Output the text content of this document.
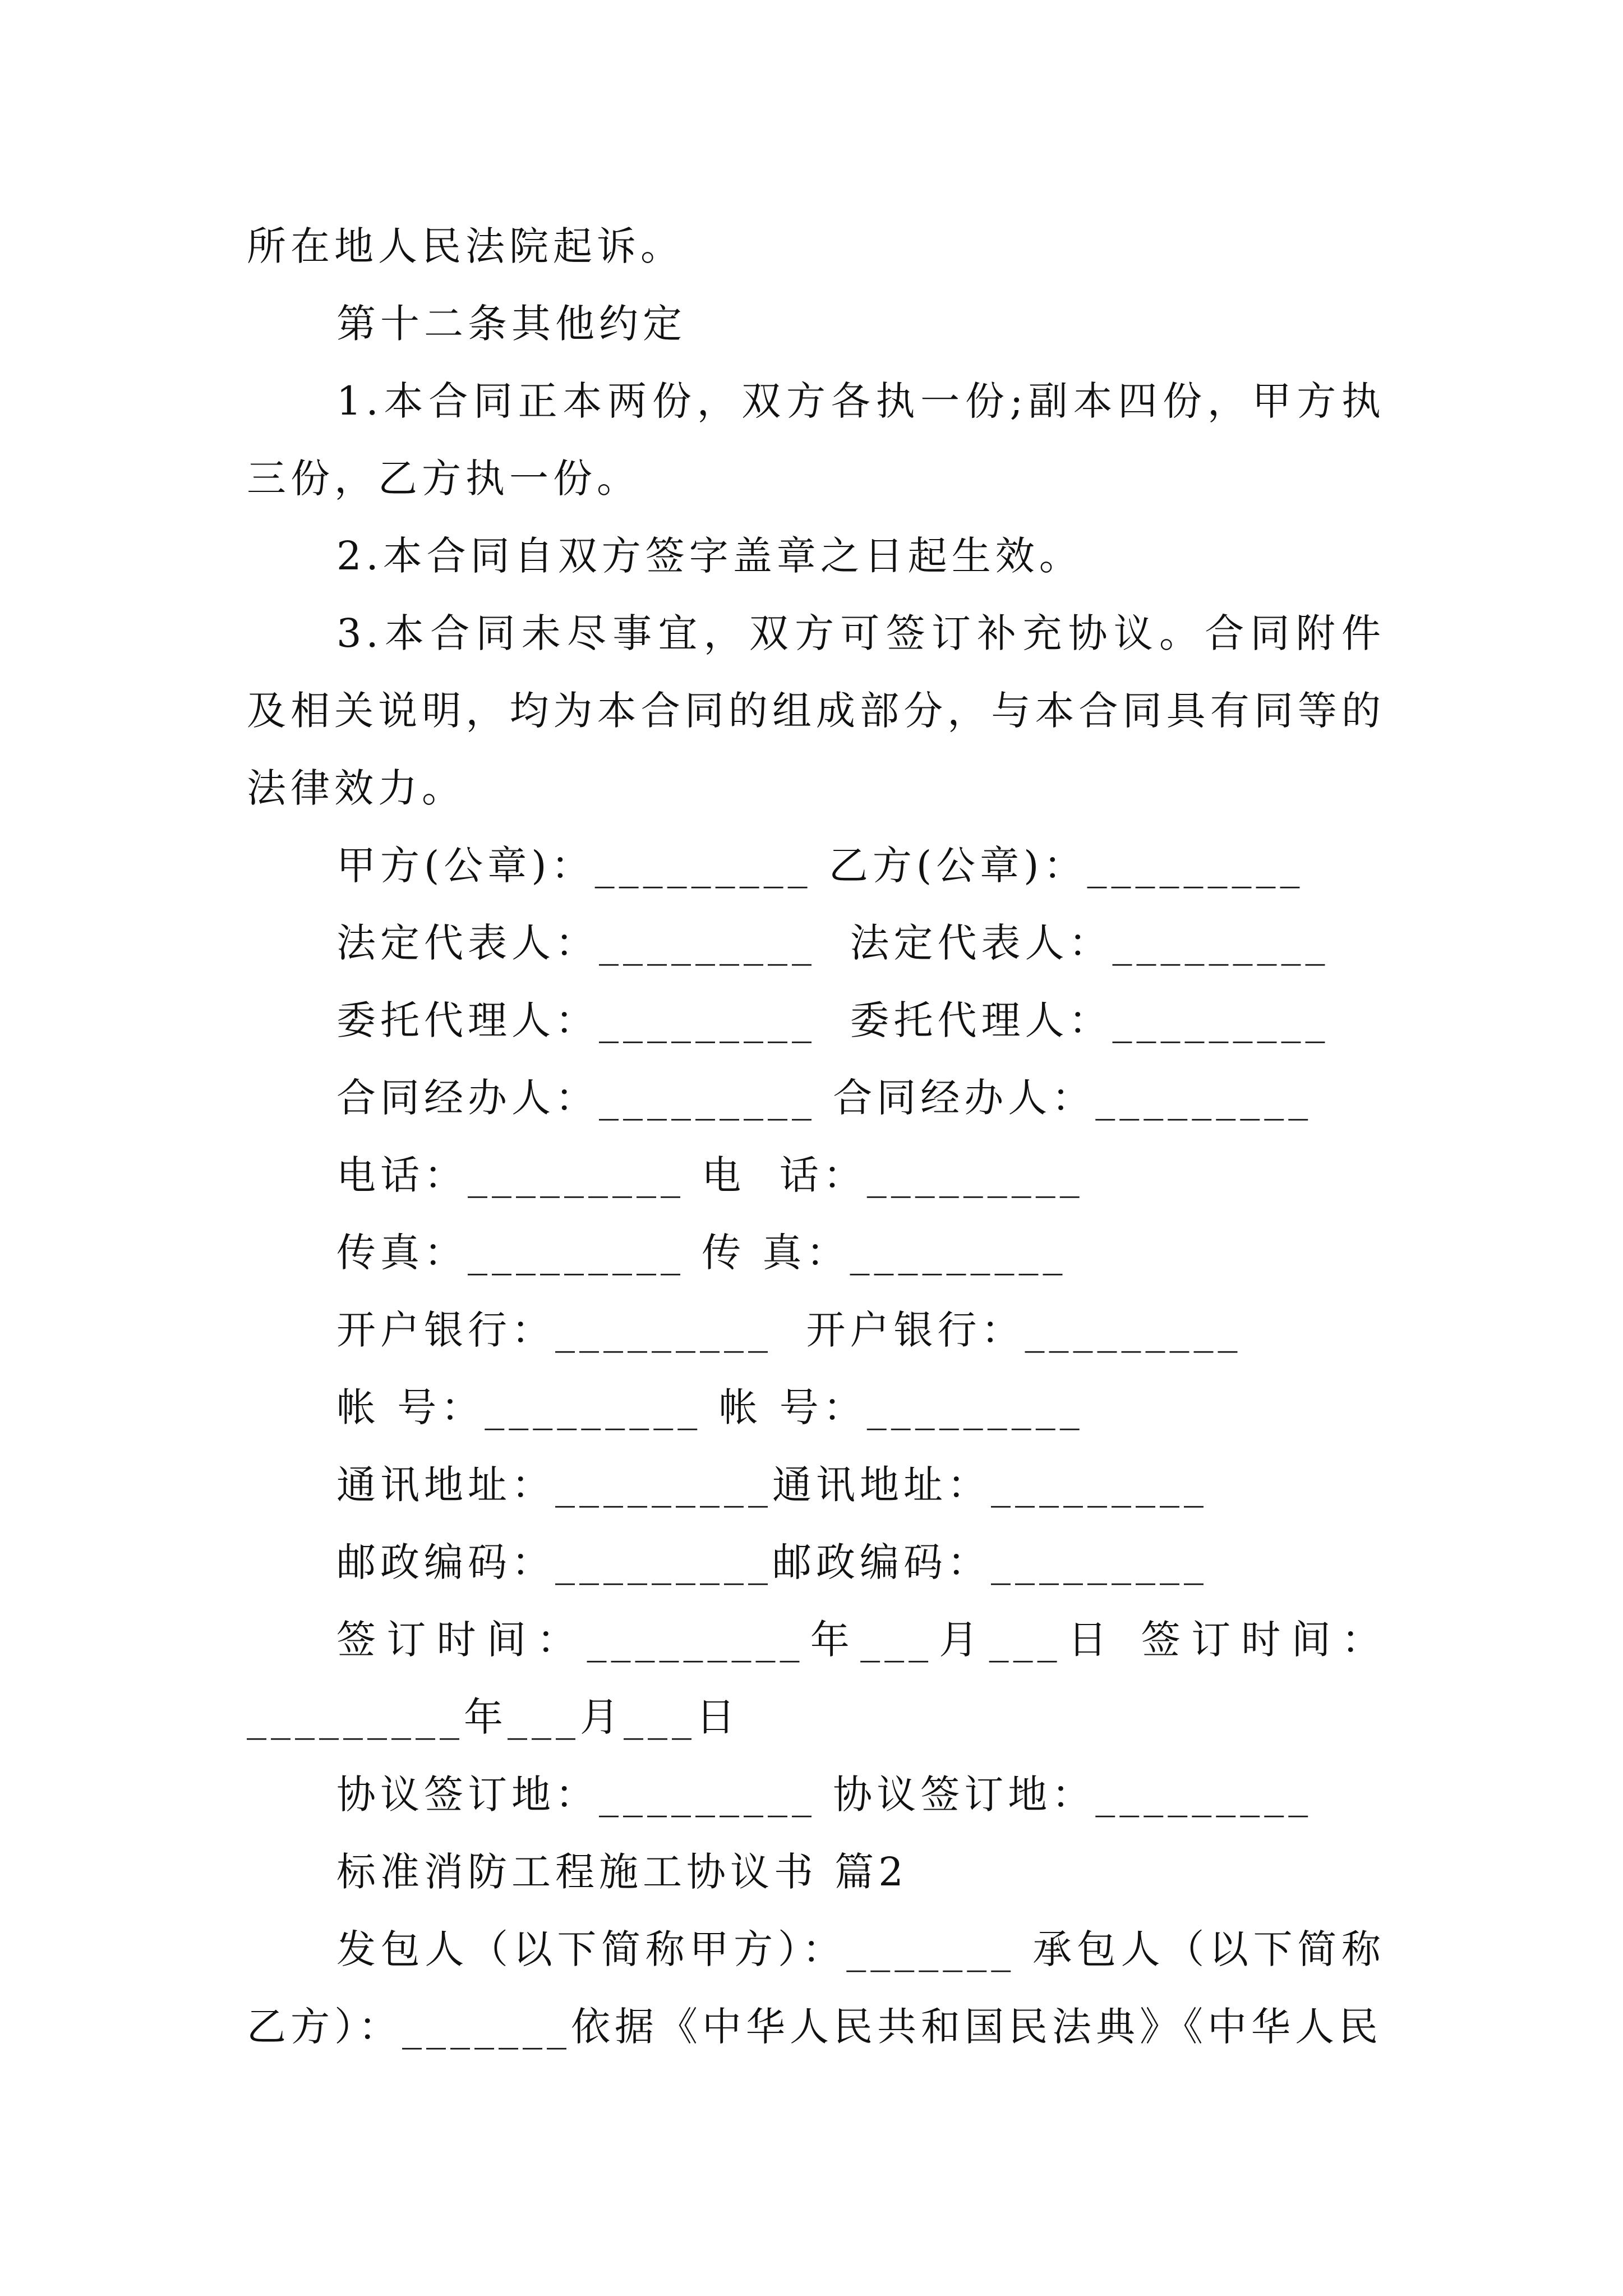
所在地人民法院起诉。

第十二条其他约定

1.本合同正本两份，双方各执一份;副本四份，甲方执三份，乙方执一份。

2.本合同自双方签字盖章之日起生效。

3.本合同未尽事宜，双方可签订补充协议。合同附件及相关说明，均为本合同的组成部分，与本合同具有同等的法律效力。

甲方(公章)：_________ 乙方(公章)：_________

法定代表人：_________  法定代表人：_________

委托代理人：_________  委托代理人：_________

合同经办人：_________ 合同经办人：_________

电话：_________ 电  话：_________

传真：_________ 传 真：_________

开户银行：_________  开户银行：_________

帐 号：_________ 帐 号：_________

通讯地址：_________通讯地址：_________

邮政编码：_________邮政编码：_________

签订时间：_________年___月___日 签订时间：_________年___月___日

协议签订地：_________ 协议签订地：_________

标准消防工程施工协议书 篇2

发包人（以下简称甲方）：_______ 承包人（以下简称乙方）：_______依据《中华人民共和国民法典》《中华人民
